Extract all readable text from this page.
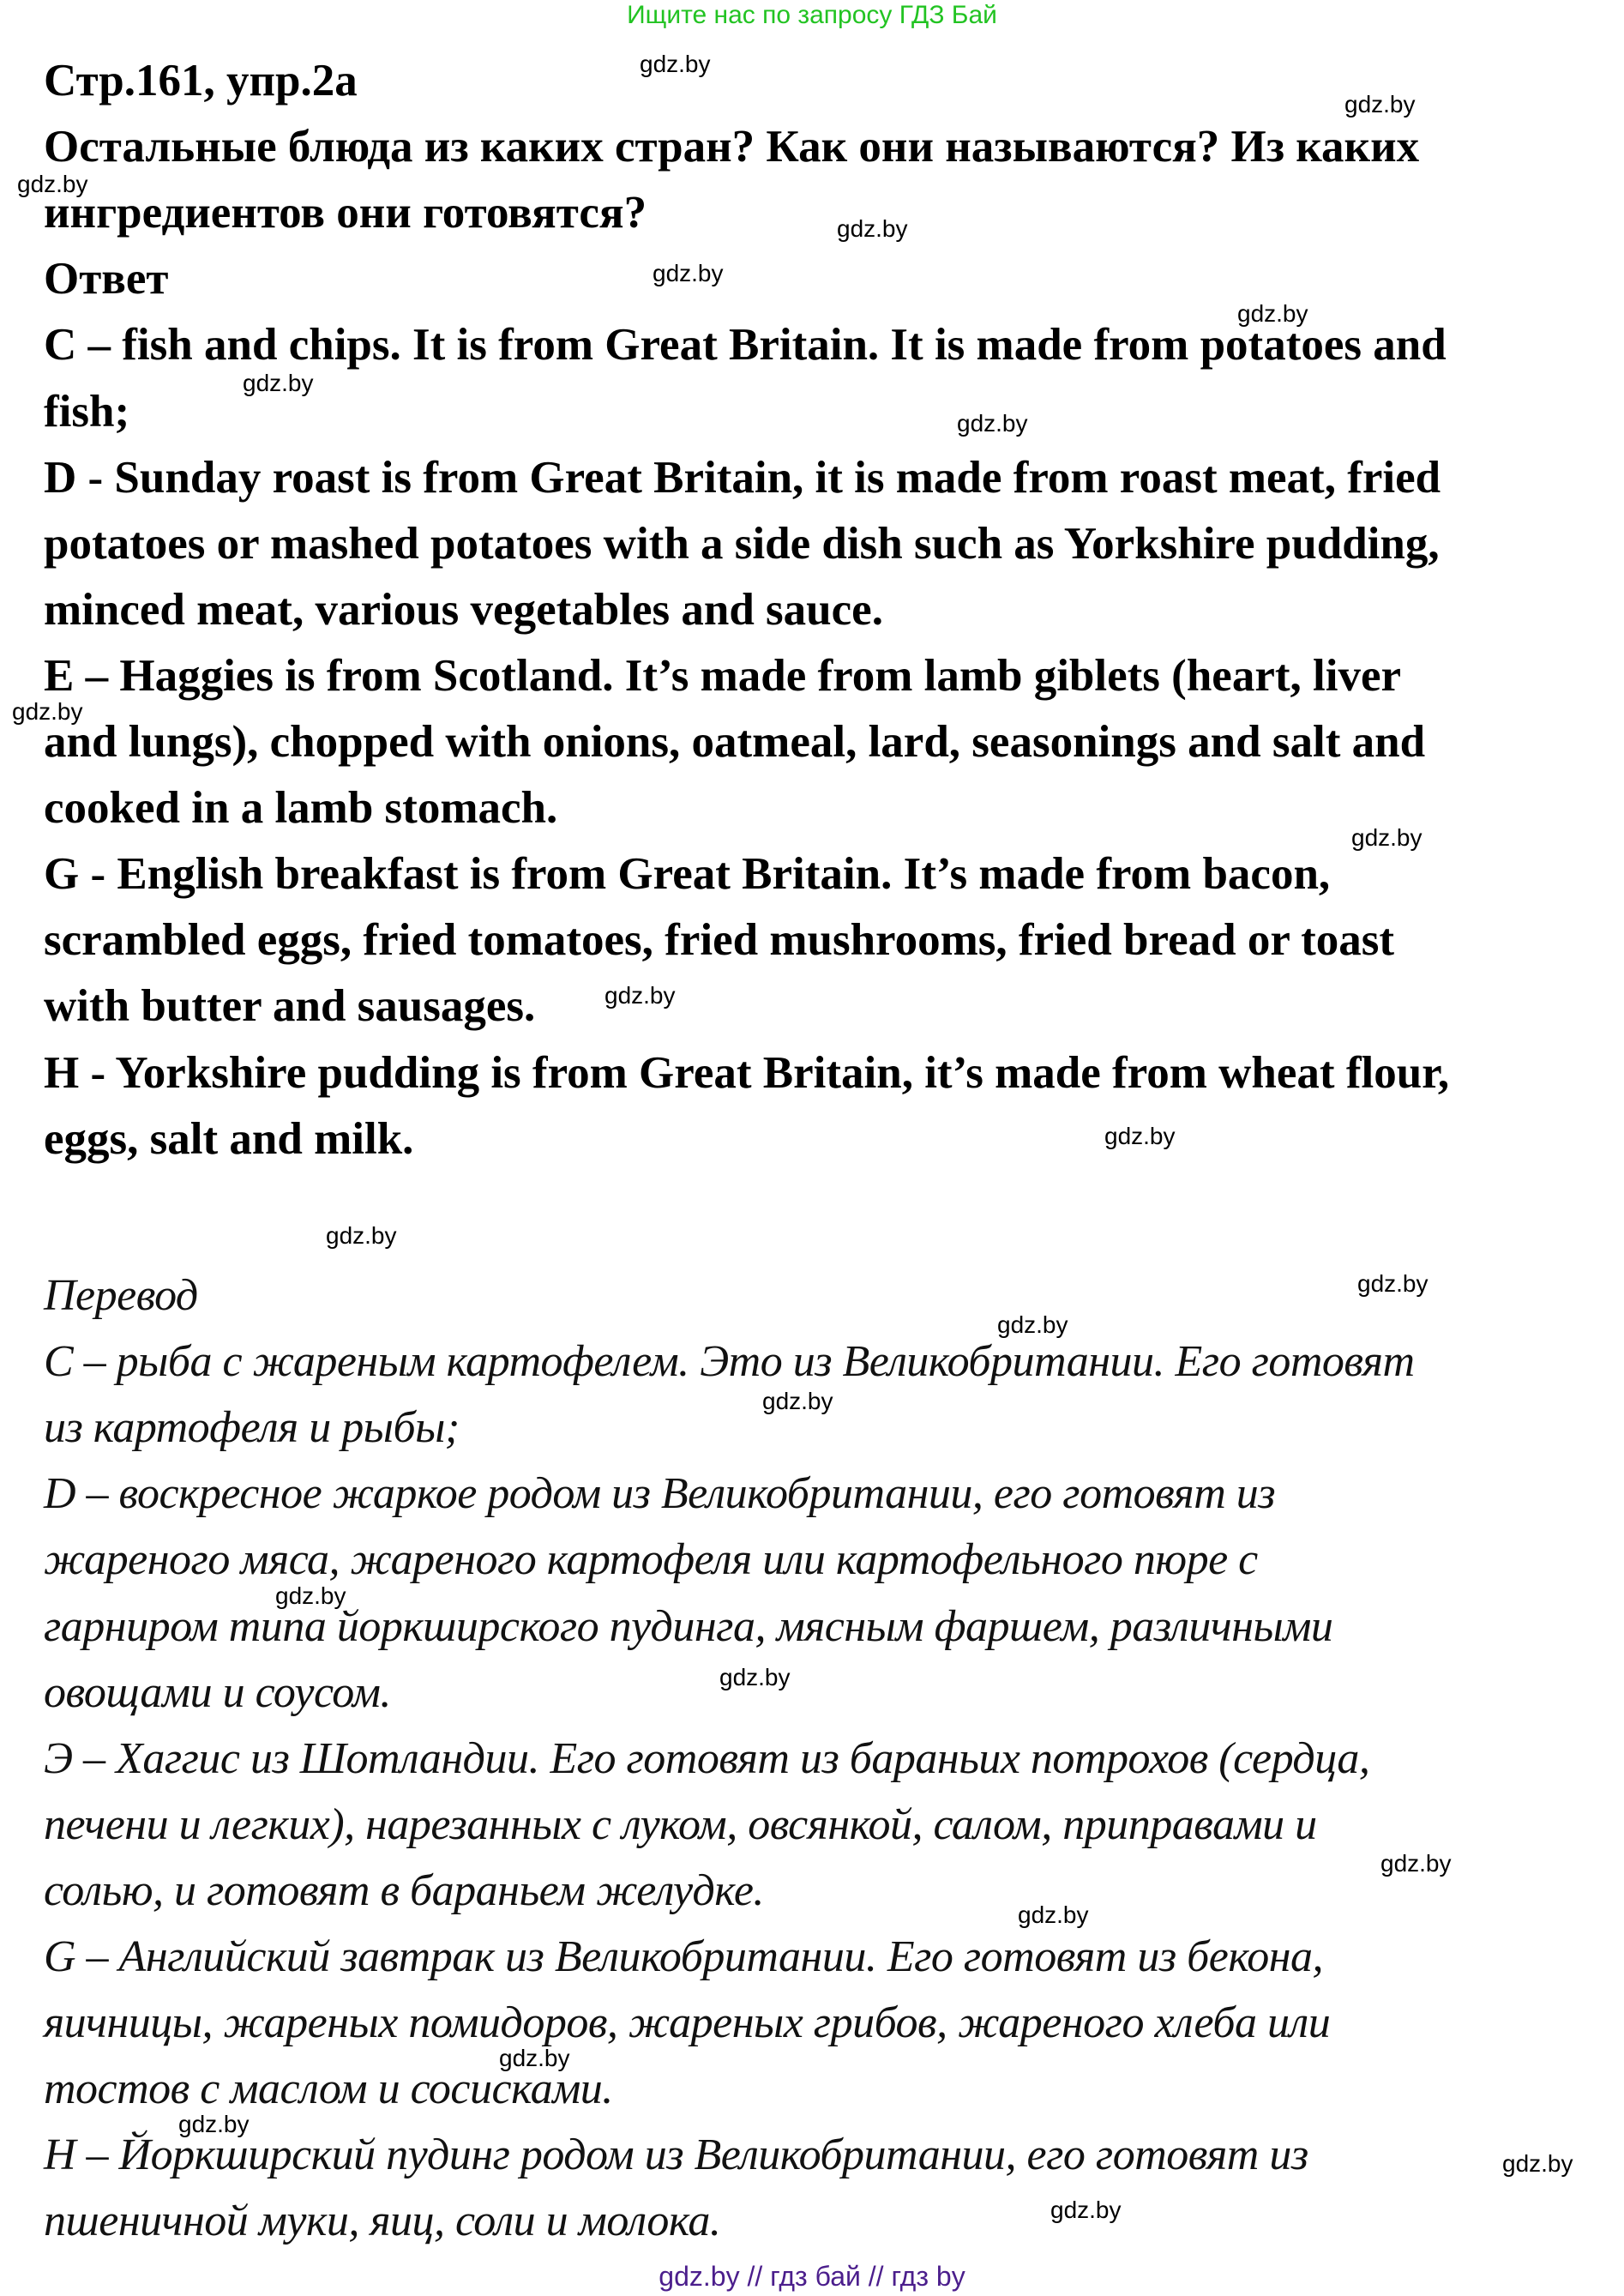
Ищите нас по запросу ГДЗ Бай
Стр.161, упр.2а
Остальные блюда из каких стран? Как они называются? Из каких
ингредиентов они готовятся?
Ответ
C – fish and chips. It is from Great Britain. It is made from potatoes and
fish;
D - Sunday roast is from Great Britain, it is made from roast meat, fried
potatoes or mashed potatoes with a side dish such as Yorkshire pudding,
minced meat, various vegetables and sauce.
E – Haggies is from Scotland. It’s made from lamb giblets (heart, liver
and lungs), chopped with onions, oatmeal, lard, seasonings and salt and
cooked in a lamb stomach.
G - English breakfast is from Great Britain. It’s made from bacon,
scrambled eggs, fried tomatoes, fried mushrooms, fried bread or toast
with butter and sausages.
H - Yorkshire pudding is from Great Britain, it’s made from wheat flour,
eggs, salt and milk.
Перевод
C – рыба с жареным картофелем. Это из Великобритании. Его готовят
из картофеля и рыбы;
D – воскресное жаркое родом из Великобритании, его готовят из
жареного мяса, жареного картофеля или картофельного пюре с
гарниром типа йоркширского пудинга, мясным фаршем, различными
овощами и соусом.
Э – Хаггис из Шотландии. Его готовят из бараньих потрохов (сердца,
печени и легких), нарезанных с луком, овсянкой, салом, приправами и
солью, и готовят в бараньем желудке.
G – Английский завтрак из Великобритании. Его готовят из бекона,
яичницы, жареных помидоров, жареных грибов, жареного хлеба или
тостов с маслом и сосисками.
H – Йоркширский пудинг родом из Великобритании, его готовят из
пшеничной муки, яиц, соли и молока.
gdz.by
gdz.by
gdz.by
gdz.by
gdz.by
gdz.by
gdz.by
gdz.by
gdz.by
gdz.by
gdz.by
gdz.by
gdz.by
gdz.by
gdz.by
gdz.by
gdz.by
gdz.by
gdz.by
gdz.by
gdz.by
gdz.by
gdz.by
gdz.by
gdz.by // гдз бай // гдз by
